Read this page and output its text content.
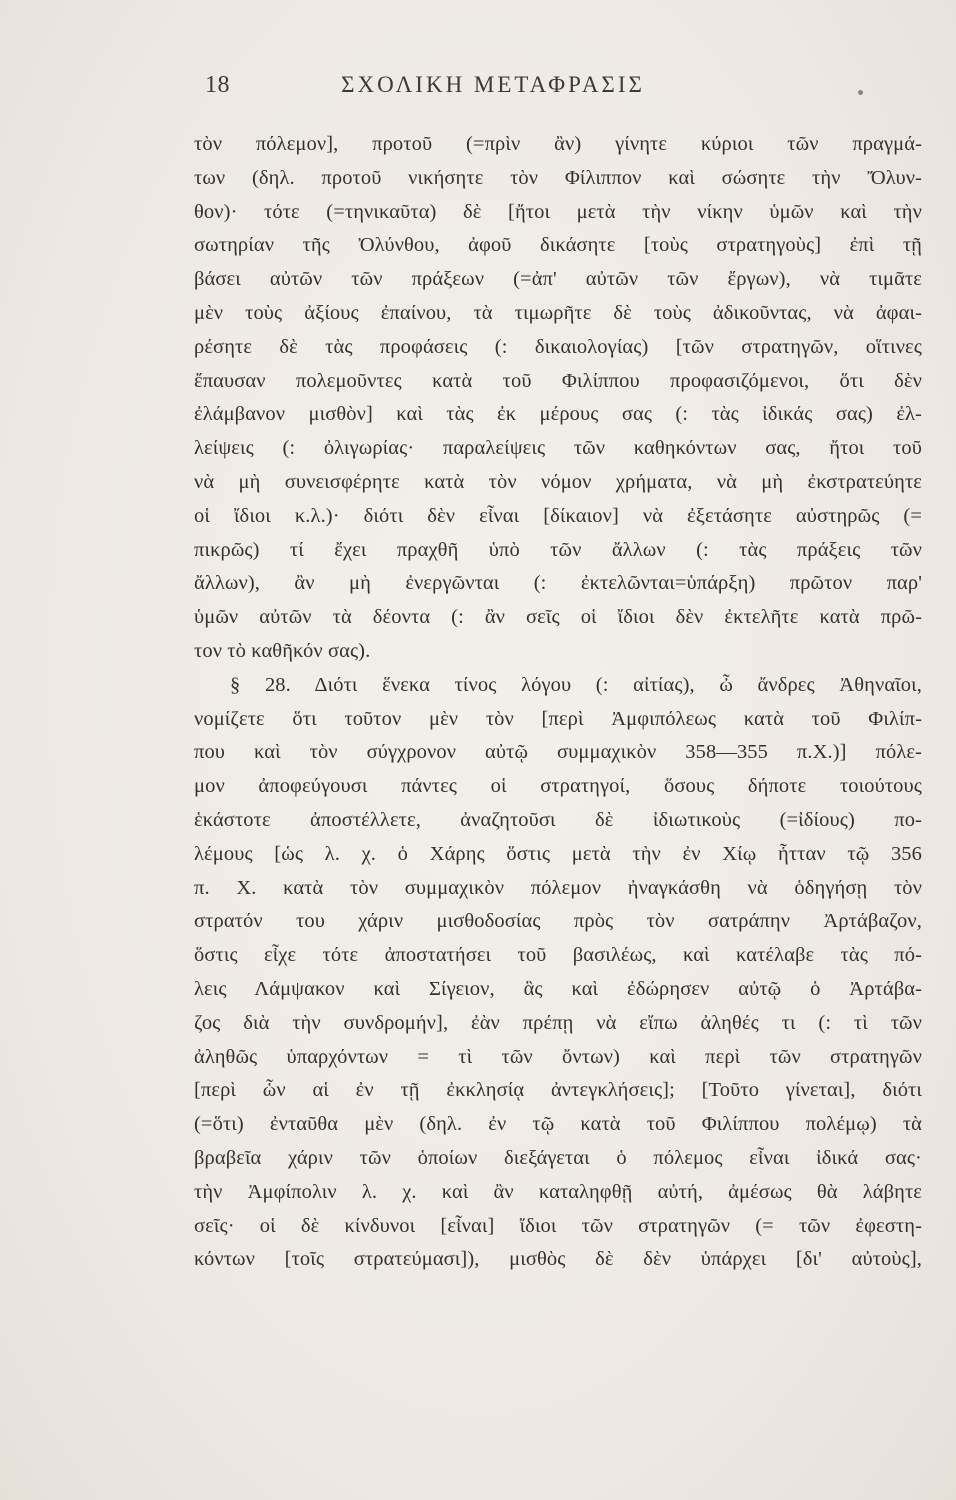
18	ΣΧΟΛΙΚΗ ΜΕΤΑΦΡΑΣΙΣ
τὸν πόλεμον], προτοῦ (=πρὶν ἂν) γίνητε κύριοι τῶν πραγμά-
των (δηλ. προτοῦ νικήσητε τὸν Φίλιππον καὶ σώσητε τὴν Ὄλυν-
θον)· τότε (=τηνικαῦτα) δὲ [ἤτοι μετὰ τὴν νίκην ὑμῶν καὶ τὴν
σωτηρίαν τῆς Ὀλύνθου, ἀφοῦ δικάσητε [τοὺς στρατηγοὺς] ἐπὶ τῇ
βάσει αὐτῶν τῶν πράξεων (=ἀπ' αὐτῶν τῶν ἔργων), νὰ τιμᾶτε
μὲν τοὺς ἀξίους ἐπαίνου, τὰ τιμωρῆτε δὲ τοὺς ἀδικοῦντας, νὰ ἀφαι-
ρέσητε δὲ τὰς προφάσεις (: δικαιολογίας) [τῶν στρατηγῶν, οἵτινες
ἔπαυσαν πολεμοῦντες κατὰ τοῦ Φιλίππου προφασιζόμενοι, ὅτι δὲν
ἐλάμβανον μισθὸν] καὶ τὰς ἐκ μέρους σας (: τὰς ἰδικάς σας) ἐλ-
λείψεις (: ὀλιγωρίας· παραλείψεις τῶν καθηκόντων σας, ἤτοι τοῦ
νὰ μὴ συνεισφέρητε κατὰ τὸν νόμον χρήματα, νὰ μὴ ἐκστρατεύητε
οἱ ἴδιοι κ.λ.)· διότι δὲν εἶναι [δίκαιον] νὰ ἐξετάσητε αὐστηρῶς (=
πικρῶς) τί ἔχει πραχθῆ ὑπὸ τῶν ἄλλων (: τὰς πράξεις τῶν
ἄλλων), ἂν μὴ ἐνεργῶνται (: ἐκτελῶνται=ὑπάρξη) πρῶτον παρ'
ὑμῶν αὐτῶν τὰ δέοντα (: ἂν σεῖς οἱ ἴδιοι δὲν ἐκτελῆτε κατὰ πρῶ-
τον τὸ καθῆκόν σας).
§ 28. Διότι ἕνεκα τίνος λόγου (: αἰτίας), ὦ ἄνδρες Ἀθηναῖοι,
νομίζετε ὅτι τοῦτον μὲν τὸν [περὶ Ἀμφιπόλεως κατὰ τοῦ Φιλίπ-
που καὶ τὸν σύγχρονον αὐτῷ συμμαχικὸν 358—355 π.Χ.)] πόλε-
μον ἀποφεύγουσι πάντες οἱ στρατηγοί, ὅσους δήποτε τοιούτους
ἑκάστοτε ἀποστέλλετε, ἀναζητοῦσι δὲ ἰδιωτικοὺς (=ἰδίους) πο-
λέμους [ὡς λ. χ. ὁ Χάρης ὅστις μετὰ τὴν ἐν Χίῳ ἧτταν τῷ 356
π. Χ. κατὰ τὸν συμμαχικὸν πόλεμον ἠναγκάσθη νὰ ὁδηγήσῃ τὸν
στρατόν του χάριν μισθοδοσίας πρὸς τὸν σατράπην Ἀρτάβαζον,
ὅστις εἶχε τότε ἀποστατήσει τοῦ βασιλέως, καὶ κατέλαβε τὰς πό-
λεις Λάμψακον καὶ Σίγειον, ἃς καὶ ἐδώρησεν αὐτῷ ὁ Ἀρτάβα-
ζος διὰ τὴν συνδρομήν], ἐὰν πρέπῃ νὰ εἴπω ἀληθές τι (: τὶ τῶν
ἀληθῶς ὑπαρχόντων = τὶ τῶν ὄντων) καὶ περὶ τῶν στρατηγῶν
[περὶ ὧν αἱ ἐν τῇ ἐκκλησίᾳ ἀντεγκλήσεις]; [Τοῦτο γίνεται], διότι
(=ὅτι) ἐνταῦθα μὲν (δηλ. ἐν τῷ κατὰ τοῦ Φιλίππου πολέμῳ) τὰ
βραβεῖα χάριν τῶν ὁποίων διεξάγεται ὁ πόλεμος εἶναι ἰδικά σας·
τὴν Ἀμφίπολιν λ. χ. καὶ ἂν καταληφθῇ αὐτή, ἀμέσως θὰ λάβητε
σεῖς· οἱ δὲ κίνδυνοι [εἶναι] ἴδιοι τῶν στρατηγῶν (= τῶν ἐφεστη-
κόντων [τοῖς στρατεύμασι]), μισθὸς δὲ δὲν ὑπάρχει [δι' αὐτοὺς],
